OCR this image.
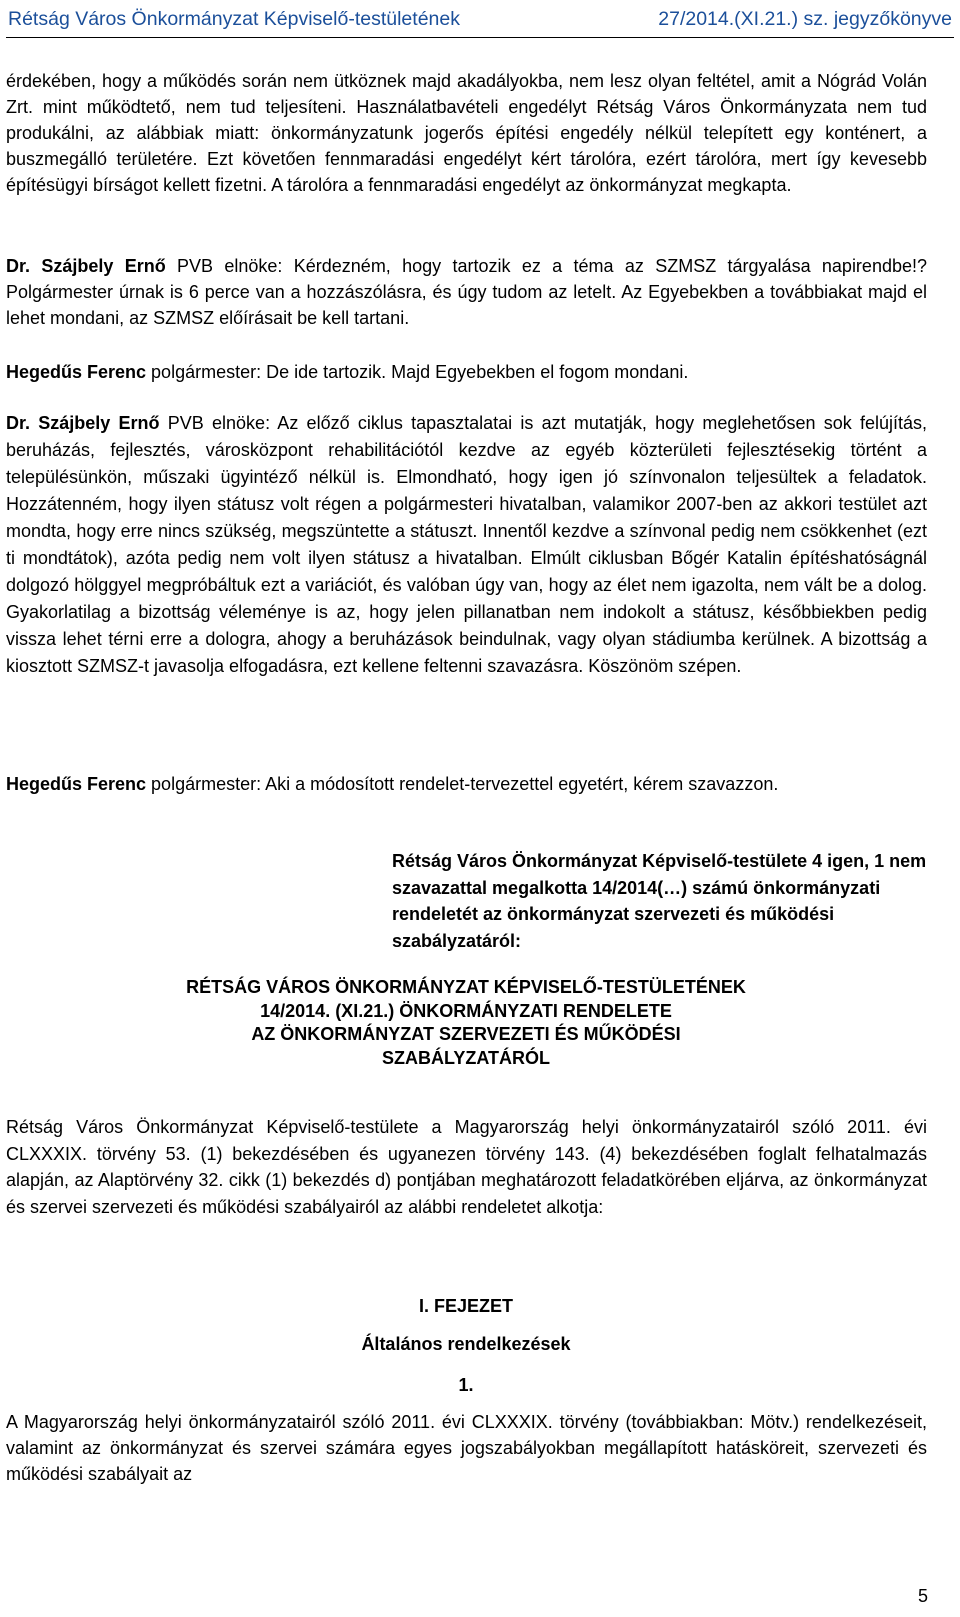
Rétság Város Önkormányzat Képviselő-testületének	27/2014.(XI.21.) sz. jegyzőkönyve

érdekében, hogy a működés során nem ütköznek majd akadályokba, nem lesz olyan feltétel, amit a Nógrád Volán Zrt. mint működtető, nem tud teljesíteni. Használatbavételi engedélyt Rétság Város Önkormányzata nem tud produkálni, az alábbiak miatt: önkormányzatunk jogerős építési engedély nélkül telepített egy konténert, a buszmegálló területére. Ezt követően fennmaradási engedélyt kért tárolóra, ezért tárolóra, mert így kevesebb építésügyi bírságot kellett fizetni. A tárolóra a fennmaradási engedélyt az önkormányzat megkapta.

Dr. Szájbely Ernő PVB elnöke: Kérdezném, hogy tartozik ez a téma az SZMSZ tárgyalása napirendbe!? Polgármester úrnak is 6 perce van a hozzászólásra, és úgy tudom az letelt. Az Egyebekben a továbbiakat majd el lehet mondani, az SZMSZ előírásait be kell tartani.

Hegedűs Ferenc polgármester: De ide tartozik. Majd Egyebekben el fogom mondani.

Dr. Szájbely Ernő PVB elnöke: Az előző ciklus tapasztalatai is azt mutatják, hogy meglehetősen sok felújítás, beruházás, fejlesztés, városközpont rehabilitációtól kezdve az egyéb közterületi fejlesztésekig történt a településünkön, műszaki ügyintéző nélkül is. Elmondható, hogy igen jó színvonalon teljesültek a feladatok. Hozzátenném, hogy ilyen státusz volt régen a polgármesteri hivatalban, valamikor 2007-ben az akkori testület azt mondta, hogy erre nincs szükség, megszüntette a státuszt. Innentől kezdve a színvonal pedig nem csökkenhet (ezt ti mondtátok), azóta pedig nem volt ilyen státusz a hivatalban. Elmúlt ciklusban Bőgér Katalin építéshatóságnál dolgozó hölggyel megpróbáltuk ezt a variációt, és valóban úgy van, hogy az élet nem igazolta, nem vált be a dolog. Gyakorlatilag a bizottság véleménye is az, hogy jelen pillanatban nem indokolt a státusz, későbbiekben pedig vissza lehet térni erre a dologra, ahogy a beruházások beindulnak, vagy olyan stádiumba kerülnek. A bizottság a kiosztott SZMSZ-t javasolja elfogadásra, ezt kellene feltenni szavazásra. Köszönöm szépen.

Hegedűs Ferenc polgármester: Aki a módosított rendelet-tervezettel egyetért, kérem szavazzon.

Rétság Város Önkormányzat Képviselő-testülete 4 igen, 1 nem szavazattal megalkotta 14/2014(…) számú önkormányzati rendeletét az önkormányzat szervezeti és működési szabályzatáról:

RÉTSÁG VÁROS ÖNKORMÁNYZAT KÉPVISELŐ-TESTÜLETÉNEK
14/2014. (XI.21.) ÖNKORMÁNYZATI RENDELETE
AZ ÖNKORMÁNYZAT SZERVEZETI ÉS MŰKÖDÉSI
SZABÁLYZATÁRÓL

Rétság Város Önkormányzat Képviselő-testülete a Magyarország helyi önkormányzatairól szóló 2011. évi CLXXXIX. törvény 53. (1) bekezdésében és ugyanezen törvény 143. (4) bekezdésében foglalt felhatalmazás alapján, az Alaptörvény 32. cikk (1) bekezdés d) pontjában meghatározott feladatkörében eljárva, az önkormányzat és szervei szervezeti és működési szabályairól az alábbi rendeletet alkotja:

I. FEJEZET
Általános rendelkezések
1.

A Magyarország helyi önkormányzatairól szóló 2011. évi CLXXXIX. törvény (továbbiakban: Mötv.) rendelkezéseit, valamint az önkormányzat és szervei számára egyes jogszabályokban megállapított hatásköreit, szervezeti és működési szabályait az

5
